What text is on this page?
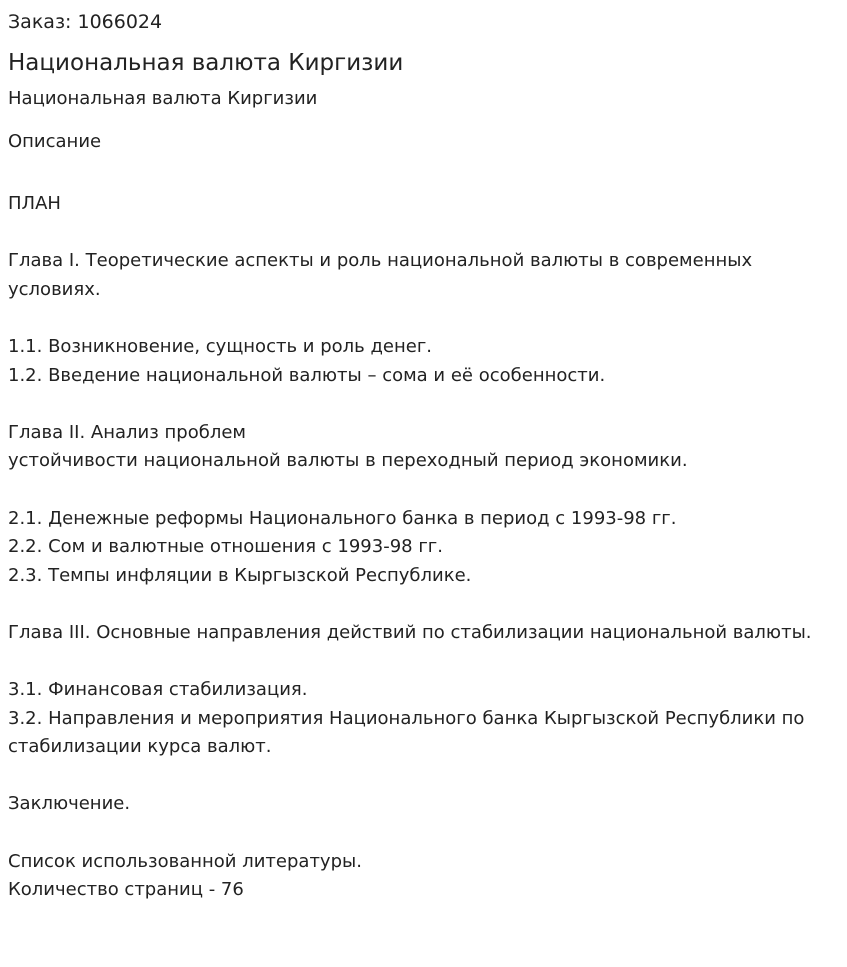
Заказ: 1066024

Национальная валюта Киргизии

Национальная валюта Киргизии

Описание

ПЛАН
Глава I. Теоретические аспекты и роль национальной валюты в современных условиях.
1.1. Возникновение, сущность и роль денег.
1.2. Введение национальной валюты – сома и её особенности.
Глава II. Анализ проблем
устойчивости национальной валюты в переходный период экономики.
2.1. Денежные реформы Национального банка в период с 1993-98 гг.
2.2. Сом и валютные отношения с 1993-98 гг.
2.3. Темпы инфляции в Кыргызской Республике.
Глава III. Основные направления действий по стабилизации национальной валюты.
3.1. Финансовая стабилизация.
3.2. Направления и мероприятия Национального банка Кыргызской Республики по стабилизации курса валют.
Заключение.
Список использованной литературы.
Количество страниц - 76
